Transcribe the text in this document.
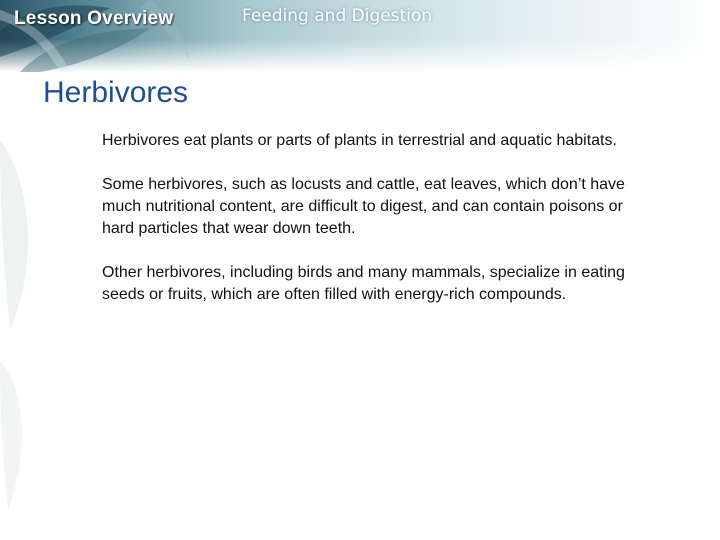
Lesson Overview	Feeding and Digestion
Herbivores

Herbivores eat plants or parts of plants in terrestrial and aquatic habitats.

Some herbivores, such as locusts and cattle, eat leaves, which don’t have much nutritional content, are difficult to digest, and can contain poisons or hard particles that wear down teeth.

Other herbivores, including birds and many mammals, specialize in eating seeds or fruits, which are often filled with energy-rich compounds.
